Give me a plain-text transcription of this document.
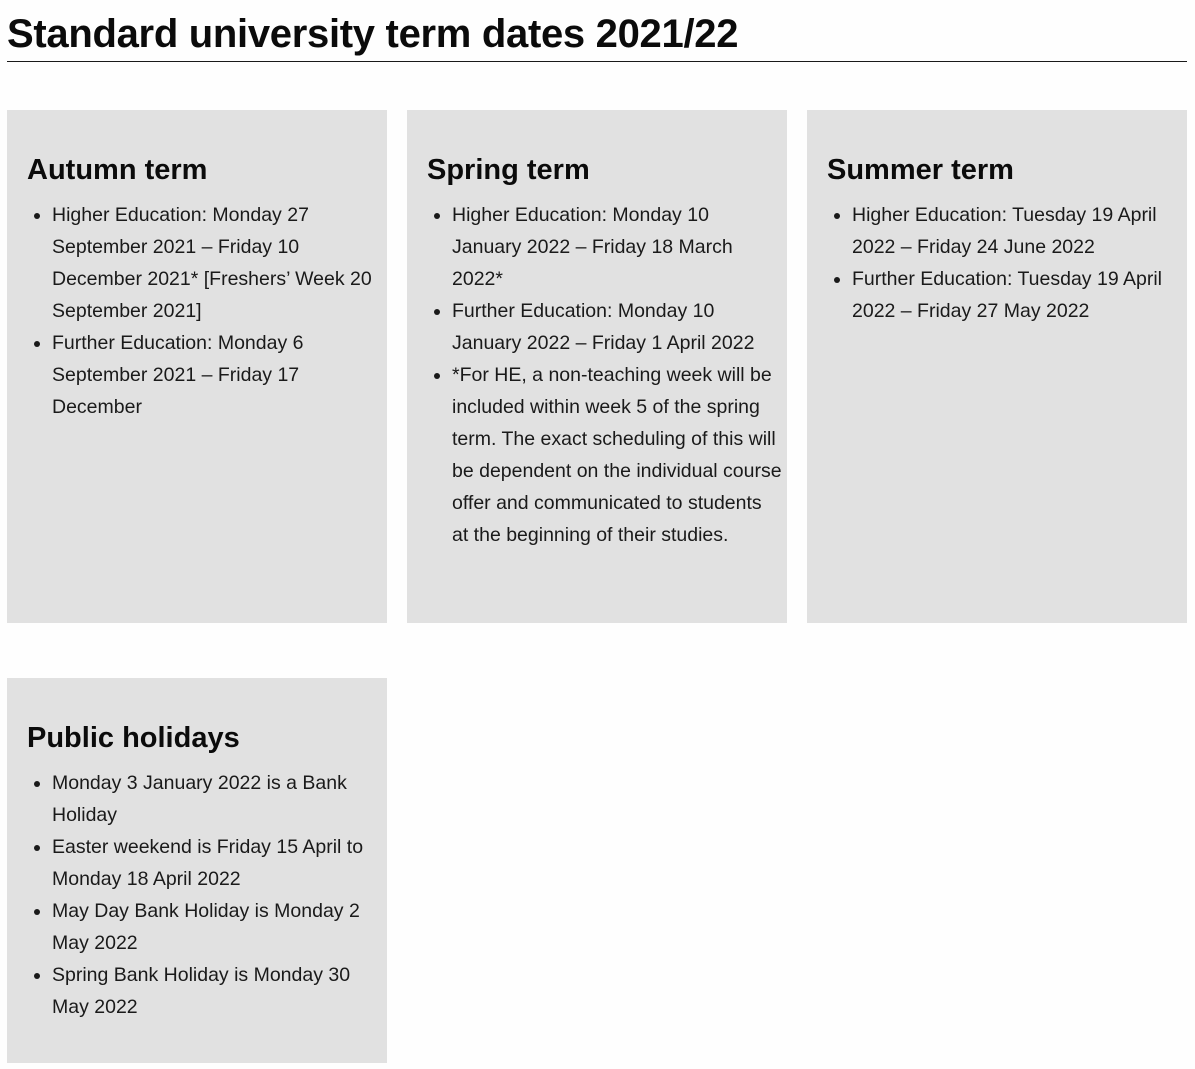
Standard university term dates 2021/22
Autumn term
• Higher Education: Monday 27 September 2021 – Friday 10 December 2021* [Freshers’ Week 20 September 2021]
• Further Education: Monday 6 September 2021 – Friday 17 December
Spring term
• Higher Education: Monday 10 January 2022 – Friday 18 March 2022*
• Further Education: Monday 10 January 2022 – Friday 1 April 2022
• *For HE, a non-teaching week will be included within week 5 of the spring term. The exact scheduling of this will be dependent on the individual course offer and communicated to students at the beginning of their studies.
Summer term
• Higher Education: Tuesday 19 April 2022 – Friday 24 June 2022
• Further Education: Tuesday 19 April 2022 – Friday 27 May 2022
Public holidays
• Monday 3 January 2022 is a Bank Holiday
• Easter weekend is Friday 15 April to Monday 18 April 2022
• May Day Bank Holiday is Monday 2 May 2022
• Spring Bank Holiday is Monday 30 May 2022
